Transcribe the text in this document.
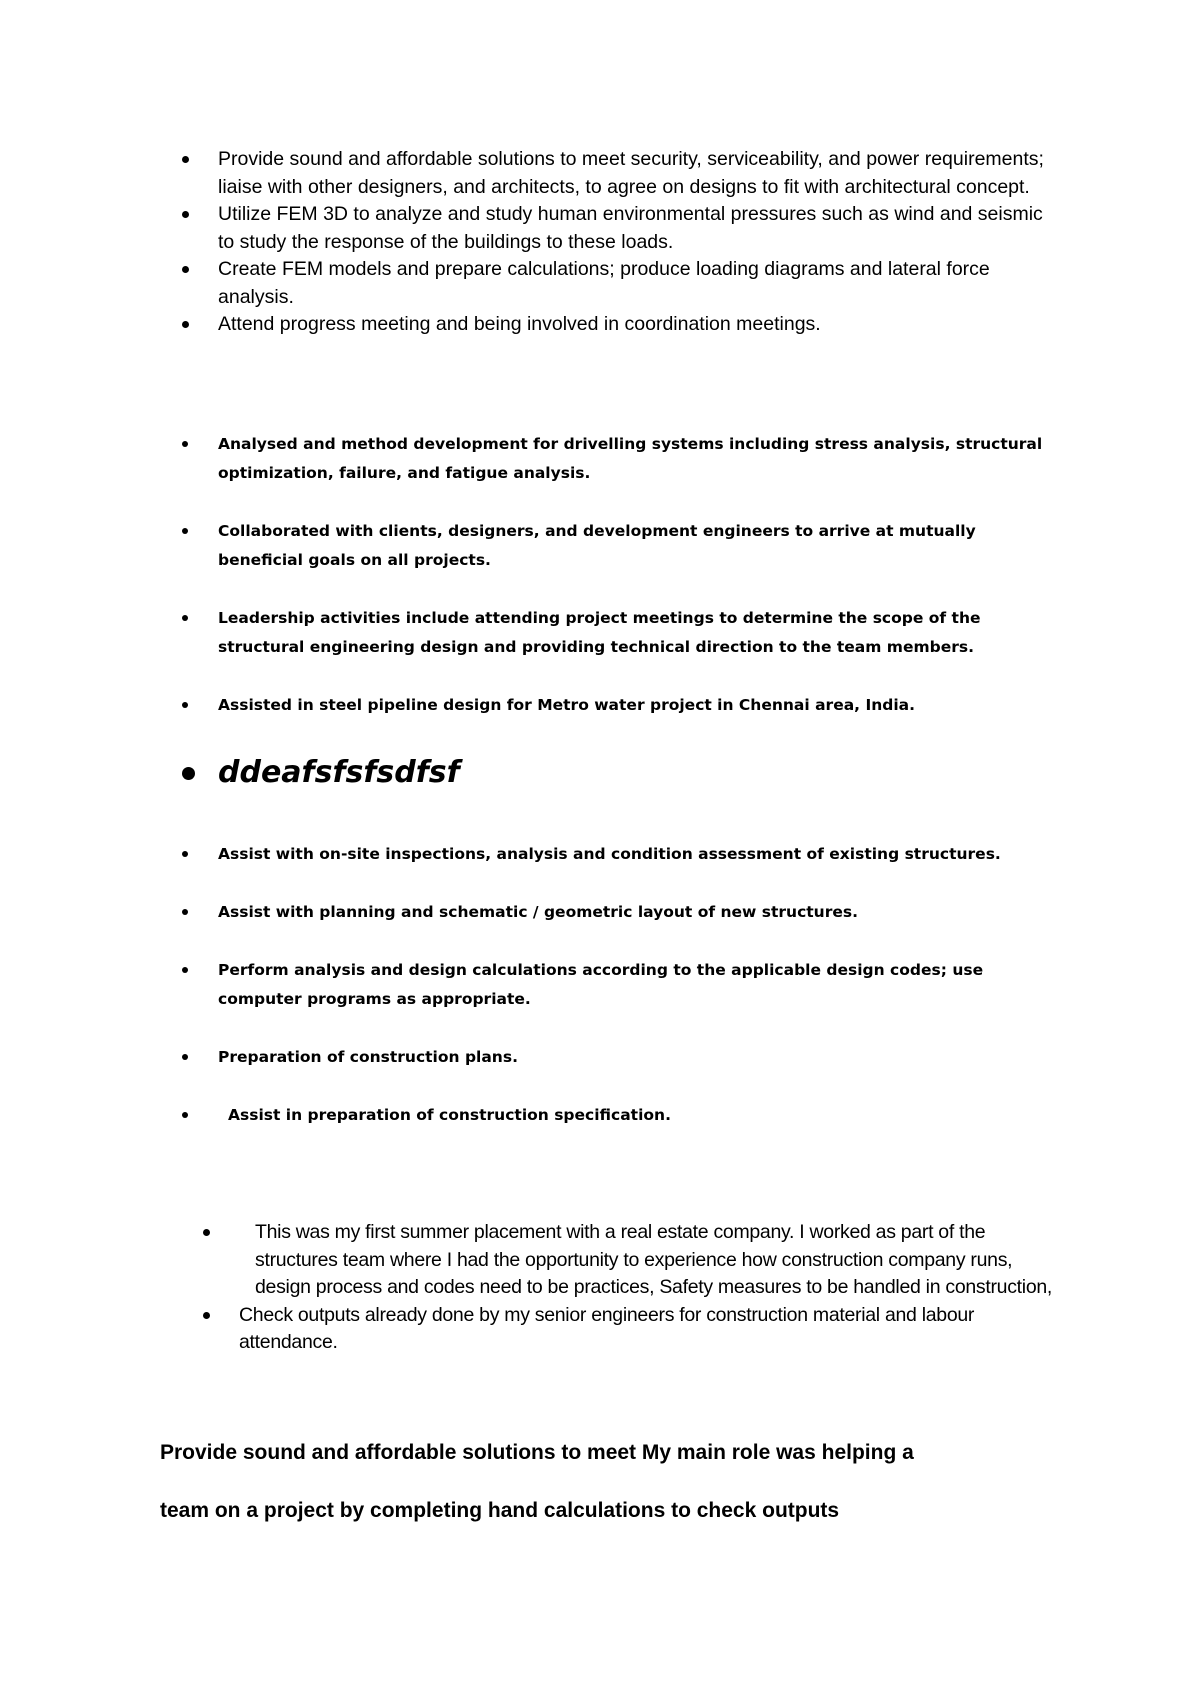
Provide sound and affordable solutions to meet security, serviceability, and power requirements; liaise with other designers, and architects, to agree on designs to fit with architectural concept.
Utilize FEM 3D to analyze and study human environmental pressures such as wind and seismic to study the response of the buildings to these loads.
Create FEM models and prepare calculations; produce loading diagrams and lateral force analysis.
Attend progress meeting and being involved in coordination meetings.
Analysed and method development for drivelling systems including stress analysis, structural optimization, failure, and fatigue analysis.
Collaborated with clients, designers, and development engineers to arrive at mutually beneficial goals on all projects.
Leadership activities include attending project meetings to determine the scope of the structural engineering design and providing technical direction to the team members.
Assisted in steel pipeline design for Metro water project in Chennai area, India.
ddeafsfsfsdfsf
Assist with on-site inspections, analysis and condition assessment of existing structures.
Assist with planning and schematic / geometric layout of new structures.
Perform analysis and design calculations according to the applicable design codes; use computer programs as appropriate.
Preparation of construction plans.
Assist in preparation of construction specification.
This was my first summer placement with a real estate company. I worked as part of the structures team where I had the opportunity to experience how construction company runs, design process and codes need to be practices, Safety measures to be handled in construction,
Check outputs already done by my senior engineers for construction material and labour attendance.

Provide sound and affordable solutions to meet My main role was helping a
team on a project by completing hand calculations to check outputs
